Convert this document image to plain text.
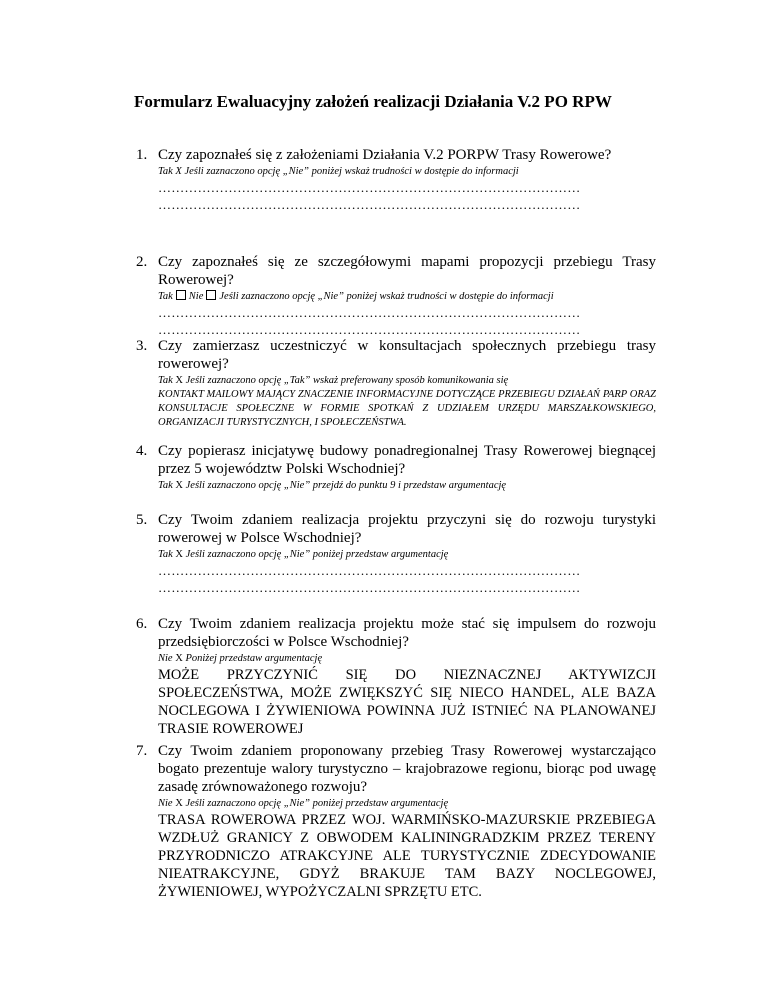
Formularz Ewaluacyjny założeń realizacji Działania V.2 PO RPW
1. Czy zapoznałeś się z założeniami Działania V.2 PORPW Trasy Rowerowe?
Tak X Jeśli zaznaczono opcję „Nie” poniżej wskaż trudności w dostępie do informacji
……………………………………………………………………………………
……………………………………………………………………………………
2. Czy zapoznałeś się ze szczegółowymi mapami propozycji przebiegu Trasy Rowerowej?
Tak Nie Jeśli zaznaczono opcję „Nie” poniżej wskaż trudności w dostępie do informacji
……………………………………………………………………………………
……………………………………………………………………………………
3. Czy zamierzasz uczestniczyć w konsultacjach społecznych przebiegu trasy rowerowej?
Tak X Jeśli zaznaczono opcję „Tak” wskaż preferowany sposób komunikowania się
KONTAKT MAILOWY MAJĄCY ZNACZENIE INFORMACYJNE DOTYCZĄCE PRZEBIEGU DZIAŁAŃ PARP ORAZ KONSULTACJE SPOŁECZNE W FORMIE SPOTKAŃ Z UDZIAŁEM URZĘDU MARSZAŁKOWSKIEGO, ORGANIZACJI TURYSTYCZNYCH, I SPOŁECZEŃSTWA.
4. Czy popierasz inicjatywę budowy ponadregionalnej Trasy Rowerowej biegnącej przez 5 województw Polski Wschodniej?
Tak X Jeśli zaznaczono opcję „Nie” przejdź do punktu 9 i przedstaw argumentację
5. Czy Twoim zdaniem realizacja projektu przyczyni się do rozwoju turystyki rowerowej w Polsce Wschodniej?
Tak X Jeśli zaznaczono opcję „Nie” poniżej przedstaw argumentację
……………………………………………………………………………………
……………………………………………………………………………………
6. Czy Twoim zdaniem realizacja projektu może stać się impulsem do rozwoju przedsiębiorczości w Polsce Wschodniej?
Nie X Poniżej przedstaw argumentację
MOŻE PRZYCZYNIĆ SIĘ DO NIEZNACZNEJ AKTYWIZCJI SPOŁECZEŃSTWA, MOŻE ZWIĘKSZYĆ SIĘ NIECO HANDEL, ALE BAZA NOCLEGOWA I ŻYWIENIOWA POWINNA JUŻ ISTNIEĆ NA PLANOWANEJ TRASIE ROWEROWEJ
7. Czy Twoim zdaniem proponowany przebieg Trasy Rowerowej wystarczająco bogato prezentuje walory turystyczno – krajobrazowe regionu, biorąc pod uwagę zasadę zrównoważonego rozwoju?
Nie X Jeśli zaznaczono opcję „Nie” poniżej przedstaw argumentację
TRASA ROWEROWA PRZEZ WOJ. WARMIŃSKO-MAZURSKIE PRZEBIEGA WZDŁUŻ GRANICY Z OBWODEM KALININGRADZKIM PRZEZ TERENY PRZYRODNICZO ATRAKCYJNE ALE TURYSTYCZNIE ZDECYDOWANIE NIEATRAKCYJNE, GDYŻ BRAKUJE TAM BAZY NOCLEGOWEJ, ŻYWIENIOWEJ, WYPOŻYCZALNI SPRZĘTU ETC.
